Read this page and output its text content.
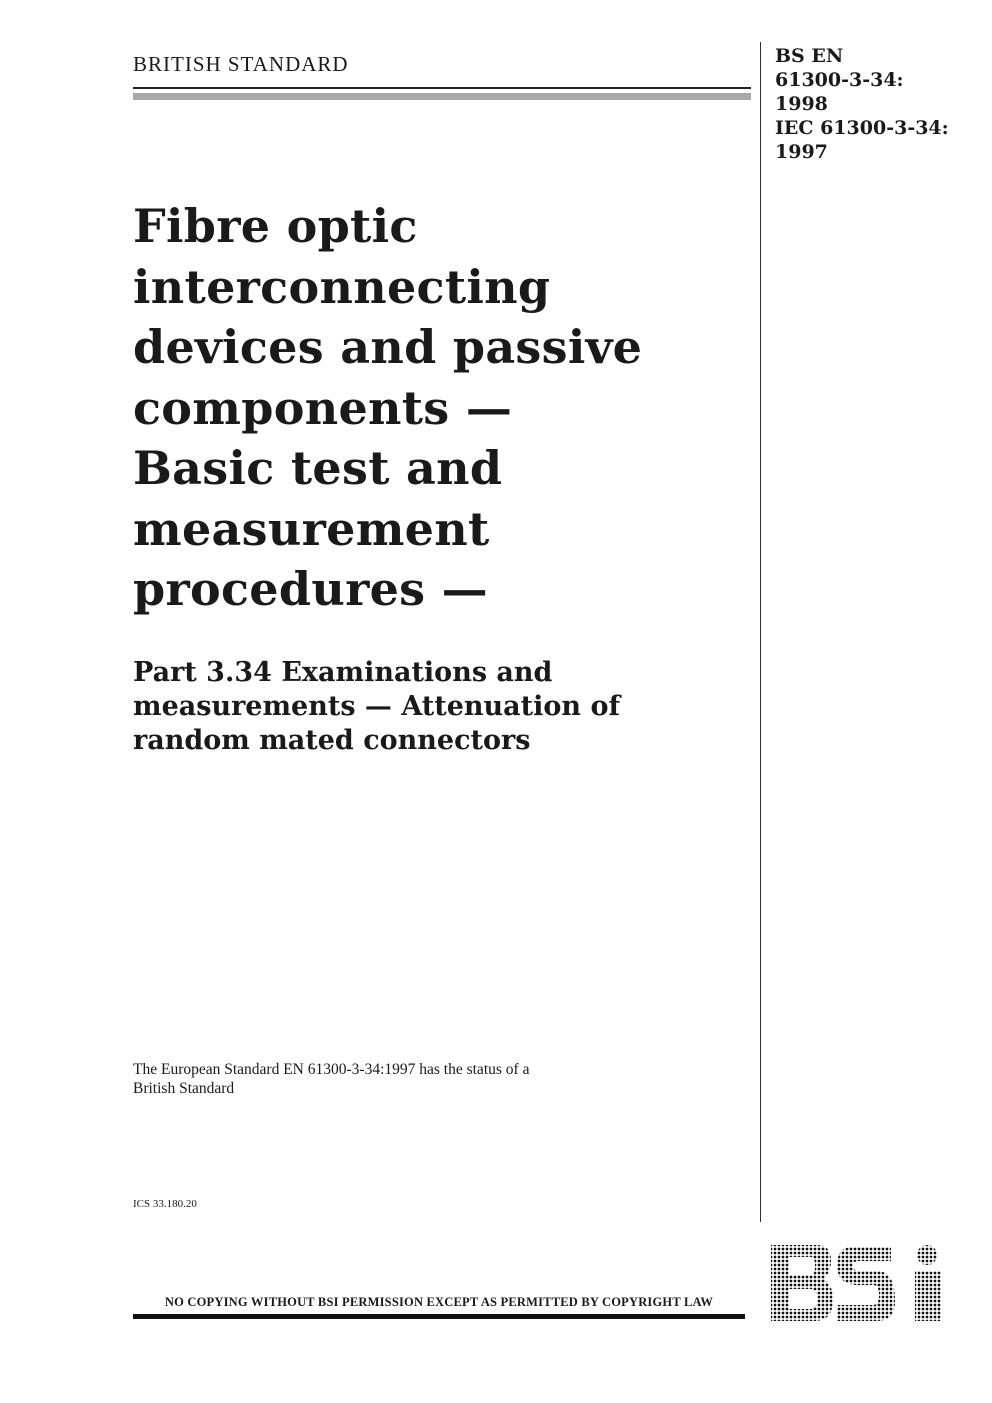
BRITISH STANDARD	BS EN
61300-3-34:
1998
IEC 61300-3-34:
1997
Fibre optic
interconnecting
devices and passive
components —
Basic test and
measurement
procedures —
Part 3.34 Examinations and
measurements — Attenuation of
random mated connectors
The European Standard EN 61300-3-34:1997 has the status of a
British Standard
ICS 33.180.20
NO COPYING WITHOUT BSI PERMISSION EXCEPT AS PERMITTED BY COPYRIGHT LAW
